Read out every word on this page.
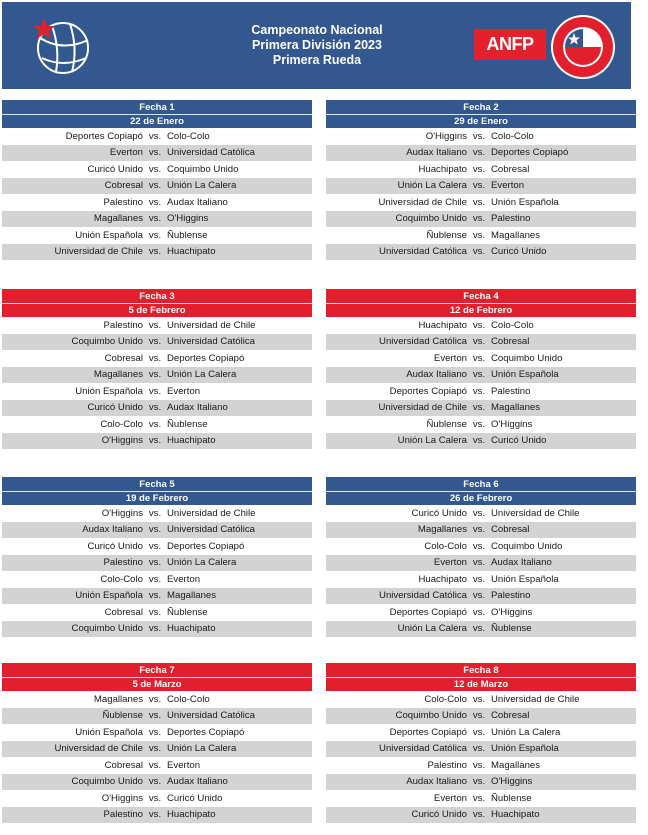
Campeonato Nacional
Primera División 2023
Primera Rueda
ANFP
Fecha 1
22 de Enero
Deportes Copiapó vs. Colo-Colo
Everton vs. Universidad Católica
Curicó Unido vs. Coquimbo Unido
Cobresal vs. Unión La Calera
Palestino vs. Audax Italiano
Magallanes vs. O'Higgins
Unión Española vs. Ñublense
Universidad de Chile vs. Huachipato
Fecha 2
29 de Enero
O'Higgins vs. Colo-Colo
Audax Italiano vs. Deportes Copiapó
Huachipato vs. Cobresal
Unión La Calera vs. Everton
Universidad de Chile vs. Unión Española
Coquimbo Unido vs. Palestino
Ñublense vs. Magallanes
Universidad Católica vs. Curicó Unido
Fecha 3
5 de Febrero
Palestino vs. Universidad de Chile
Coquimbo Unido vs. Universidad Católica
Cobresal vs. Deportes Copiapó
Magallanes vs. Unión La Calera
Unión Española vs. Everton
Curicó Unido vs. Audax Italiano
Colo-Colo vs. Ñublense
O'Higgins vs. Huachipato
Fecha 4
12 de Febrero
Huachipato vs. Colo-Colo
Universidad Católica vs. Cobresal
Everton vs. Coquimbo Unido
Audax Italiano vs. Unión Española
Deportes Copiapó vs. Palestino
Universidad de Chile vs. Magallanes
Ñublense vs. O'Higgins
Unión La Calera vs. Curicó Unido
Fecha 5
19 de Febrero
O'Higgins vs. Universidad de Chile
Audax Italiano vs. Universidad Católica
Curicó Unido vs. Deportes Copiapó
Palestino vs. Unión La Calera
Colo-Colo vs. Everton
Unión Española vs. Magallanes
Cobresal vs. Ñublense
Coquimbo Unido vs. Huachipato
Fecha 6
26 de Febrero
Curicó Unido vs. Universidad de Chile
Magallanes vs. Cobresal
Colo-Colo vs. Coquimbo Unido
Everton vs. Audax Italiano
Huachipato vs. Unión Española
Universidad Católica vs. Palestino
Deportes Copiapó vs. O'Higgins
Unión La Calera vs. Ñublense
Fecha 7
5 de Marzo
Magallanes vs. Colo-Colo
Ñublense vs. Universidad Católica
Unión Española vs. Deportes Copiapó
Universidad de Chile vs. Unión La Calera
Cobresal vs. Everton
Coquimbo Unido vs. Audax Italiano
O'Higgins vs. Curicó Unido
Palestino vs. Huachipato
Fecha 8
12 de Marzo
Colo-Colo vs. Universidad de Chile
Coquimbo Unido vs. Cobresal
Deportes Copiapó vs. Unión La Calera
Universidad Católica vs. Unión Española
Palestino vs. Magallanes
Audax Italiano vs. O'Higgins
Everton vs. Ñublense
Curicó Unido vs. Huachipato
